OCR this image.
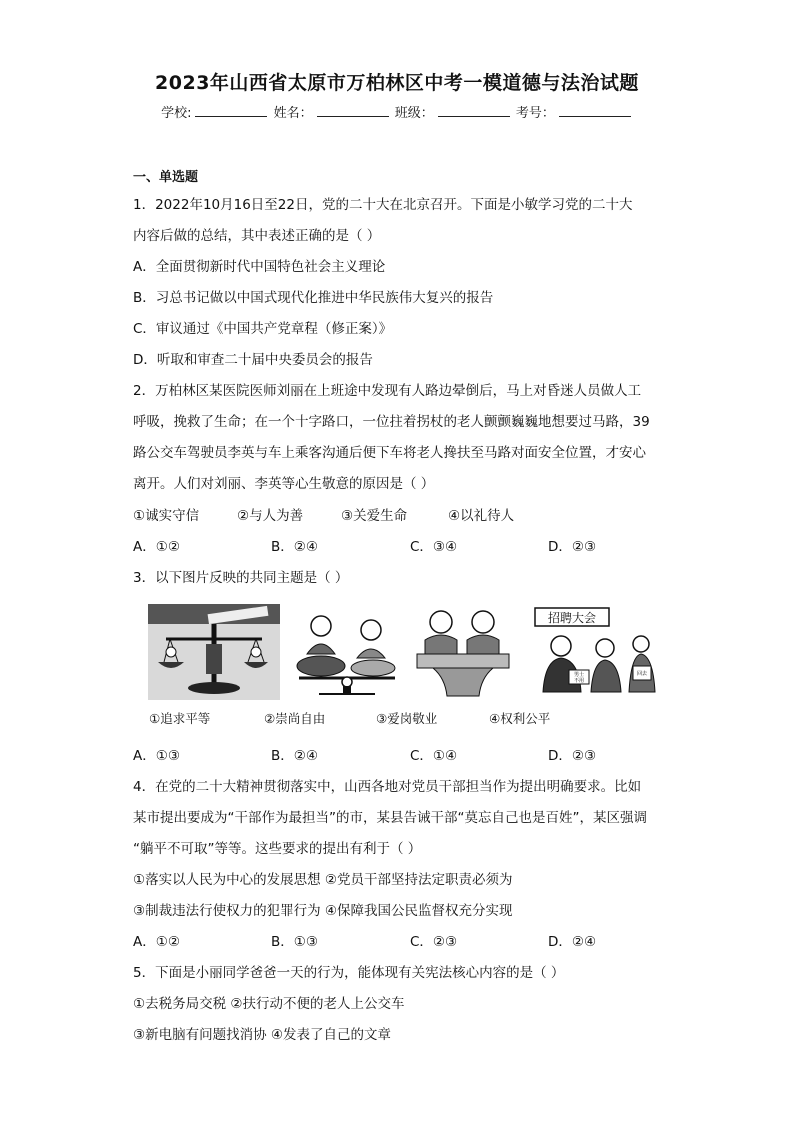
2023年山西省太原市万柏林区中考一模道德与法治试题
学校:	姓名：	班级：	考号：
一、单选题
1．2022年10月16日至22日，党的二十大在北京召开。下面是小敏学习党的二十大
内容后做的总结，其中表述正确的是（ ）
A．全面贯彻新时代中国特色社会主义理论
B．习总书记做以中国式现代化推进中华民族伟大复兴的报告
C．审议通过《中国共产党章程（修正案）》
D．听取和审查二十届中央委员会的报告
2．万柏林区某医院医师刘丽在上班途中发现有人路边晕倒后，马上对昏迷人员做人工
呼吸，挽救了生命；在一个十字路口，一位拄着拐杖的老人颤颤巍巍地想要过马路，39
路公交车驾驶员李英与车上乘客沟通后便下车将老人搀扶至马路对面安全位置，才安心
离开。人们对刘丽、李英等心生敬意的原因是（ ）
①诚实守信	②与人为善	③关爱生命	④以礼待人
A．①②	B．②④	C．③④	D．②③
3．以下图片反映的共同主题是（ ）
招聘大会
男士不用
回去
①追求平等	②崇尚自由	③爱岗敬业	④权利公平
A．①③	B．②④	C．①④	D．②③
4．在党的二十大精神贯彻落实中，山西各地对党员干部担当作为提出明确要求。比如
某市提出要成为“干部作为最担当”的市，某县告诫干部“莫忘自己也是百姓”，某区强调
“躺平不可取”等等。这些要求的提出有利于（ ）
①落实以人民为中心的发展思想 ②党员干部坚持法定职责必须为
③制裁违法行使权力的犯罪行为 ④保障我国公民监督权充分实现
A．①②	B．①③	C．②③	D．②④
5．下面是小丽同学爸爸一天的行为，能体现有关宪法核心内容的是（ ）
①去税务局交税 ②扶行动不便的老人上公交车
③新电脑有问题找消协 ④发表了自己的文章
